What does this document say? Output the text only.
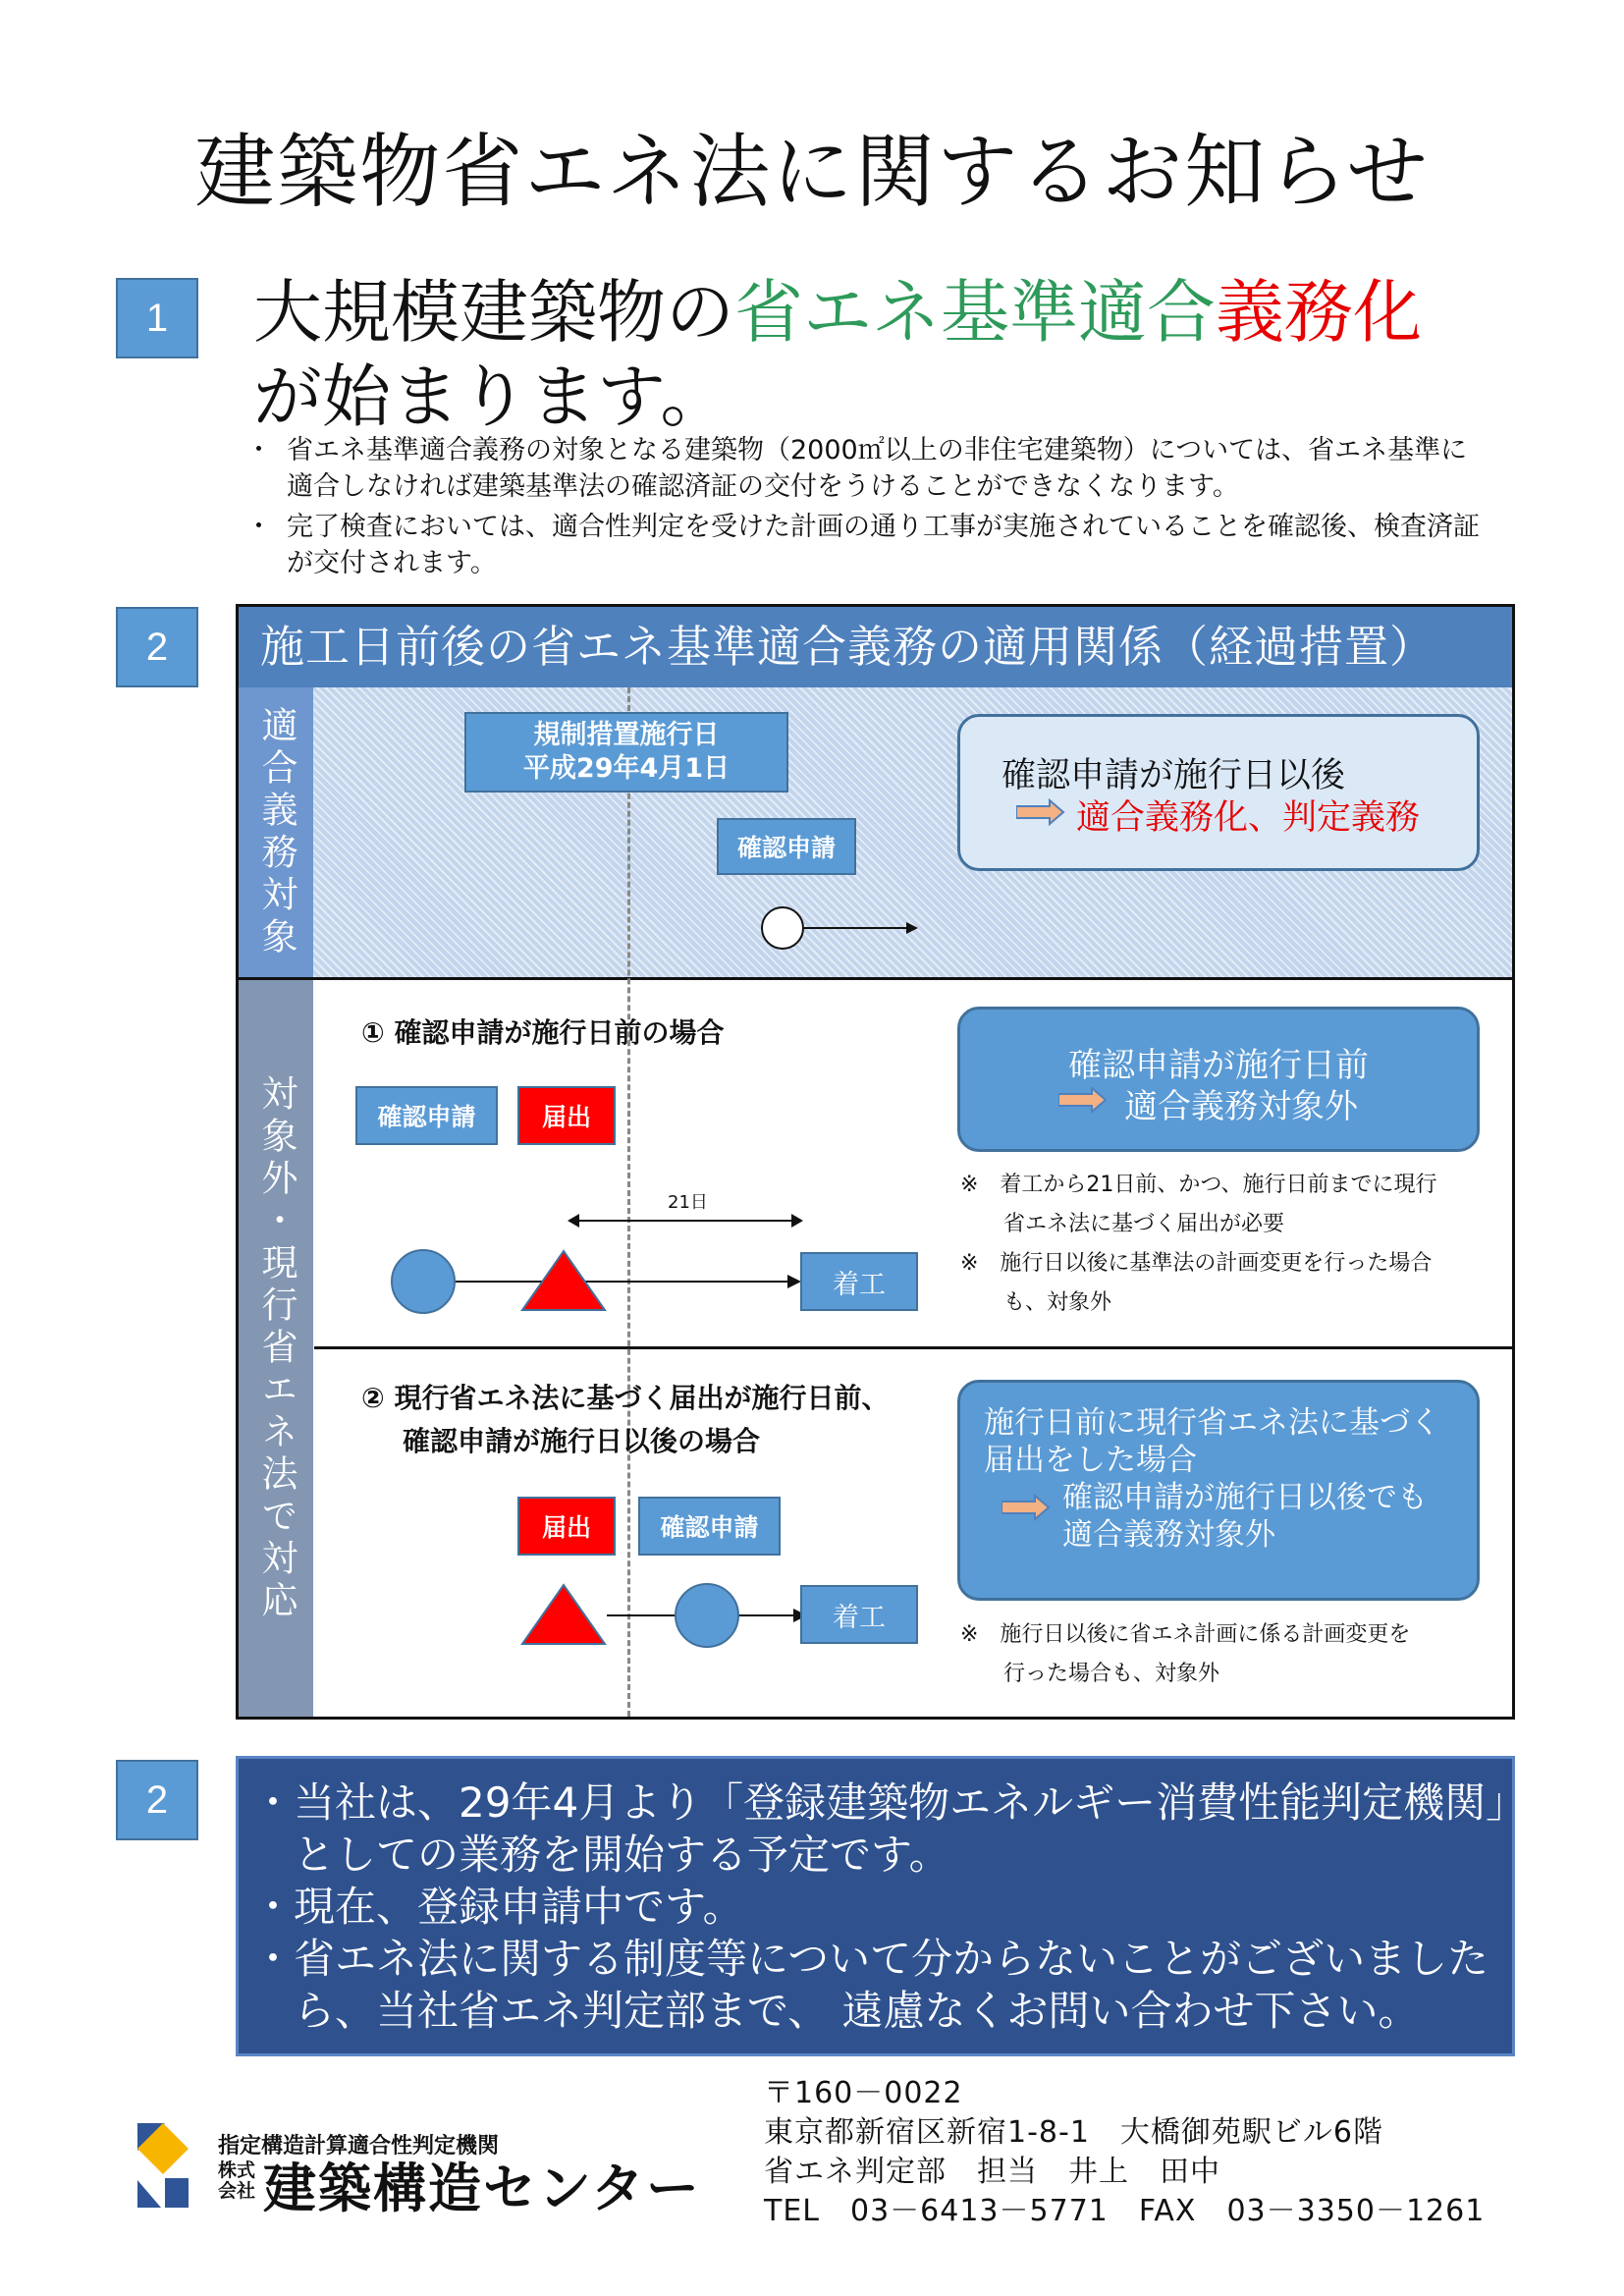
建築物省エネ法に関するお知らせ
1	大規模建築物の省エネ基準適合義務化
が始まります。
・ 省エネ基準適合義務の対象となる建築物（2000㎡以上の非住宅建築物）については、省エネ基準に適合しなければ建築基準法の確認済証の交付をうけることができなくなります。
・ 完了検査においては、適合性判定を受けた計画の通り工事が実施されていることを確認後、検査済証が交付されます。
2	施工日前後の省エネ基準適合義務の適用関係（経過措置）
適合義務対象
対象外・現行省エネ法で対応
規制措置施行日
平成29年4月1日
確認申請
確認申請が施行日以後
適合義務化、判定義務
① 確認申請が施行日前の場合
確認申請	届出
21日
着工
確認申請が施行日前
適合義務対象外
※　着工から21日前、かつ、施行日前までに現行
　　省エネ法に基づく届出が必要
※　施行日以後に基準法の計画変更を行った場合
　　も、対象外
② 現行省エネ法に基づく届出が施行日前、
確認申請が施行日以後の場合
届出	確認申請
着工
施行日前に現行省エネ法に基づく
届出をした場合
確認申請が施行日以後でも
適合義務対象外
※　施行日以後に省エネ計画に係る計画変更を
　　行った場合も、対象外
2	・当社は、29年4月より「登録建築物エネルギー消費性能判定機関」
　としての業務を開始する予定です。
・現在、登録申請中です。
・省エネ法に関する制度等について分からないことがございました
　ら、当社省エネ判定部まで、 遠慮なくお問い合わせ下さい。
指定構造計算適合性判定機関
株式会社 建築構造センター
〒160－0022
東京都新宿区新宿1-8-1　大橋御苑駅ビル6階
省エネ判定部　担当　井上　田中
TEL　03－6413－5771　FAX　03－3350－1261
